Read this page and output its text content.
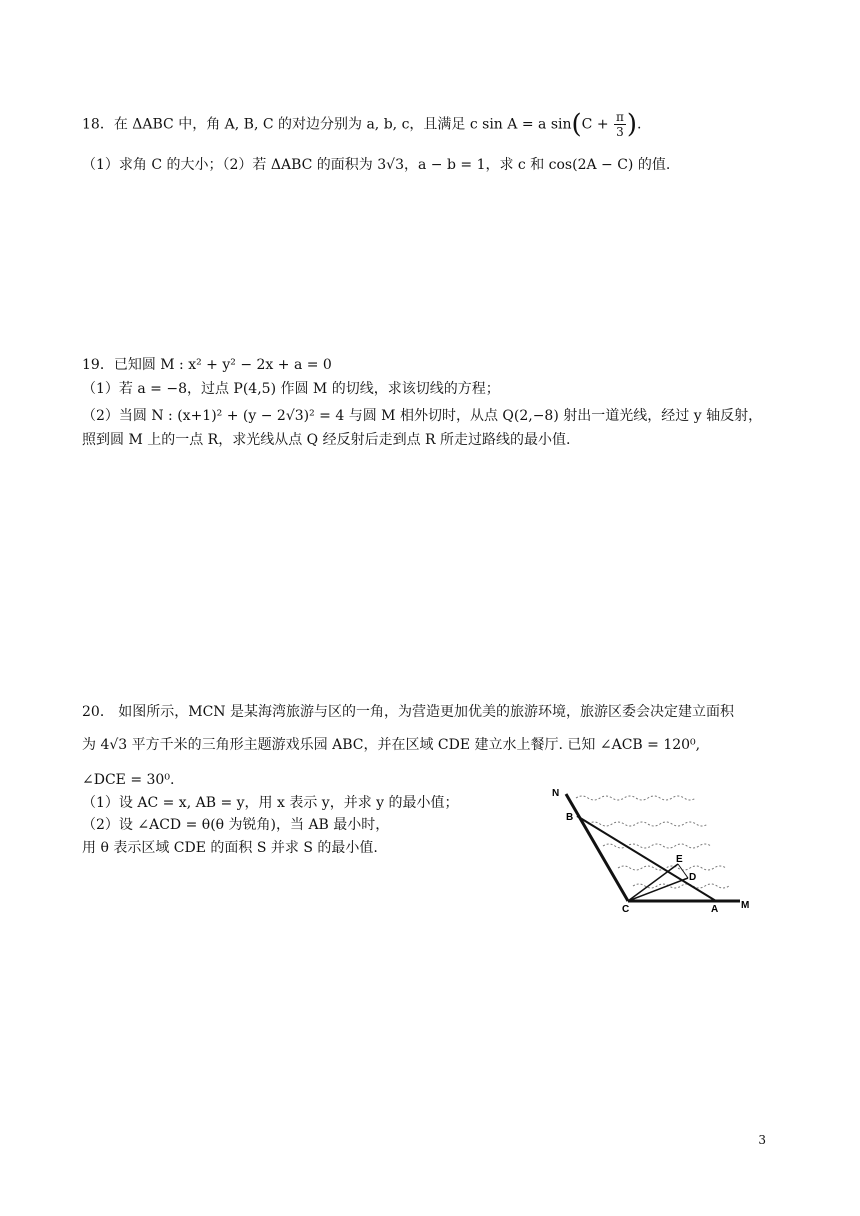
18．在 ΔABC 中，角 A, B, C 的对边分别为 a, b, c，且满足 c sin A = a $\sin(C + \frac{\pi}{3}$ ).
（1）求角 C 的大小；（2）若 ΔABC 的面积为 3√3，a − b = 1，求 c 和 cos(2A − C) 的值.
19．已知圆 M : x² + y² − 2x + a = 0
（1）若 a = −8，过点 P(4,5) 作圆 M 的切线，求该切线的方程；
（2）当圆 N : (x+1)² + (y − 2√3)² = 4 与圆 M 相外切时，从点 Q(2,−8) 射出一道光线，经过 y 轴反射，
照到圆 M 上的一点 R，求光线从点 Q 经反射后走到点 R 所走过路线的最小值.
20． 如图所示，MCN 是某海湾旅游与区的一角，为营造更加优美的旅游环境，旅游区委会决定建立面积
为 4√3 平方千米的三角形主题游戏乐园 ABC，并在区域 CDE 建立水上餐厅. 已知 ∠ACB = 120⁰,
∠DCE = 30⁰.
（1）设 AC = x, AB = y，用 x 表示 y，并求 y 的最小值；
（2）设 ∠ACD = θ(θ 为锐角)，当 AB 最小时，
用 θ 表示区域 CDE 的面积 S 并求 S 的最小值.
N
B
E
D
C	A M
3
